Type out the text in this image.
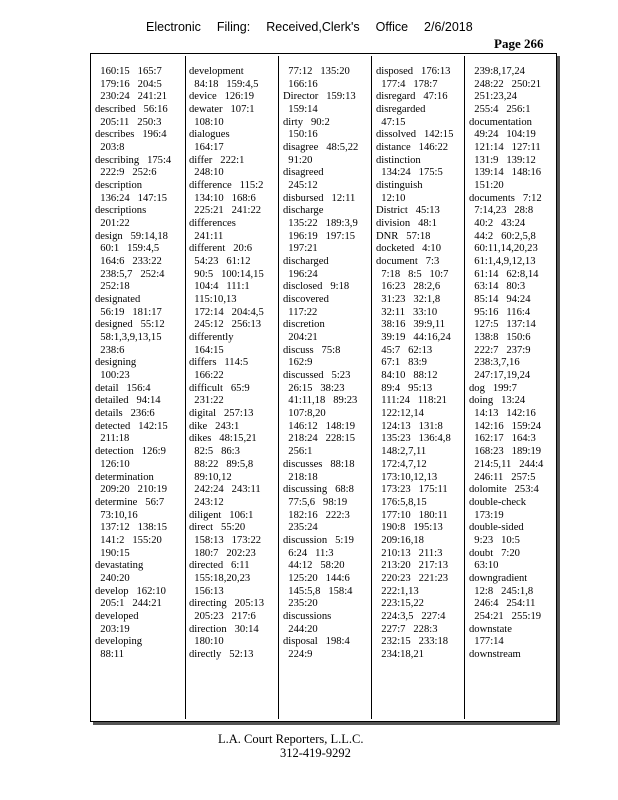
Electronic Filing: Received,Clerk's Office 2/6/2018
Page 266
160:15   165:7
179:16   204:5
230:24   241:21
described   56:16
205:11   250:3
describes   196:4
203:8
describing   175:4
222:9   252:6
description
136:24   147:15
descriptions
201:22
design   59:14,18
60:1   159:4,5
164:6   233:22
238:5,7   252:4
252:18
designated
56:19   181:17
designed   55:12
58:1,3,9,13,15
238:6
designing
100:23
detail   156:4
detailed   94:14
details   236:6
detected   142:15
211:18
detection   126:9
126:10
determination
209:20   210:19
determine   56:7
73:10,16
137:12   138:15
141:2   155:20
190:15
devastating
240:20
develop   162:10
205:1   244:21
developed
203:19
developing
88:11
development
84:18   159:4,5
device   126:19
dewater   107:1
108:10
dialogues
164:17
differ   222:1
248:10
difference   115:2
134:10   168:6
225:21   241:22
differences
241:11
different   20:6
54:23   61:12
90:5   100:14,15
104:4   111:1
115:10,13
172:14   204:4,5
245:12   256:13
differently
164:15
differs   114:5
166:22
difficult   65:9
231:22
digital   257:13
dike   243:1
dikes   48:15,21
82:5   86:3
88:22   89:5,8
89:10,12
242:24   243:11
243:12
diligent   106:1
direct   55:20
158:13   173:22
180:7   202:23
directed   6:11
155:18,20,23
156:13
directing   205:13
205:23   217:6
direction   30:14
180:10
directly   52:13
77:12   135:20
166:16
Director   159:13
159:14
dirty   90:2
150:16
disagree   48:5,22
91:20
disagreed
245:12
disbursed   12:11
discharge
135:22   189:3,9
196:19   197:15
197:21
discharged
196:24
disclosed   9:18
discovered
117:22
discretion
204:21
discuss   75:8
162:9
discussed   5:23
26:15   38:23
41:11,18   89:23
107:8,20
146:12   148:19
218:24   228:15
256:1
discusses   88:18
218:18
discussing   68:8
77:5,6   98:19
182:16   222:3
235:24
discussion   5:19
6:24   11:3
44:12   58:20
125:20   144:6
145:5,8   158:4
235:20
discussions
244:20
disposal   198:4
224:9
disposed   176:13
177:4   178:7
disregard   47:16
disregarded
47:15
dissolved   142:15
distance   146:22
distinction
134:24   175:5
distinguish
12:10
District   45:13
division   48:1
DNR   57:18
docketed   4:10
document   7:3
7:18   8:5   10:7
16:23   28:2,6
31:23   32:1,8
32:11   33:10
38:16   39:9,11
39:19   44:16,24
45:7   62:13
67:1   83:9
84:10   88:12
89:4   95:13
111:24   118:21
122:12,14
124:13   131:8
135:23   136:4,8
148:2,7,11
172:4,7,12
173:10,12,13
173:23   175:11
176:5,8,15
177:10   180:11
190:8   195:13
209:16,18
210:13   211:3
213:20   217:13
220:23   221:23
222:1,13
223:15,22
224:3,5   227:4
227:7   228:3
232:15   233:18
234:18,21
239:8,17,24
248:22   250:21
251:23,24
255:4   256:1
documentation
49:24   104:19
121:14   127:11
131:9   139:12
139:14   148:16
151:20
documents   7:12
7:14,23   28:8
40:2   43:24
44:2   60:2,5,8
60:11,14,20,23
61:1,4,9,12,13
61:14   62:8,14
63:14   80:3
85:14   94:24
95:16   116:4
127:5   137:14
138:8   150:6
222:7   237:9
238:3,7,16
247:17,19,24
dog   199:7
doing   13:24
14:13   142:16
142:16   159:24
162:17   164:3
168:23   189:19
214:5,11   244:4
246:11   257:5
dolomite   253:4
double-check
173:19
double-sided
9:23   10:5
doubt   7:20
63:10
downgradient
12:8   245:1,8
246:4   254:11
254:21   255:19
downstate
177:14
downstream
L.A. Court Reporters, L.L.C.
312-419-9292
